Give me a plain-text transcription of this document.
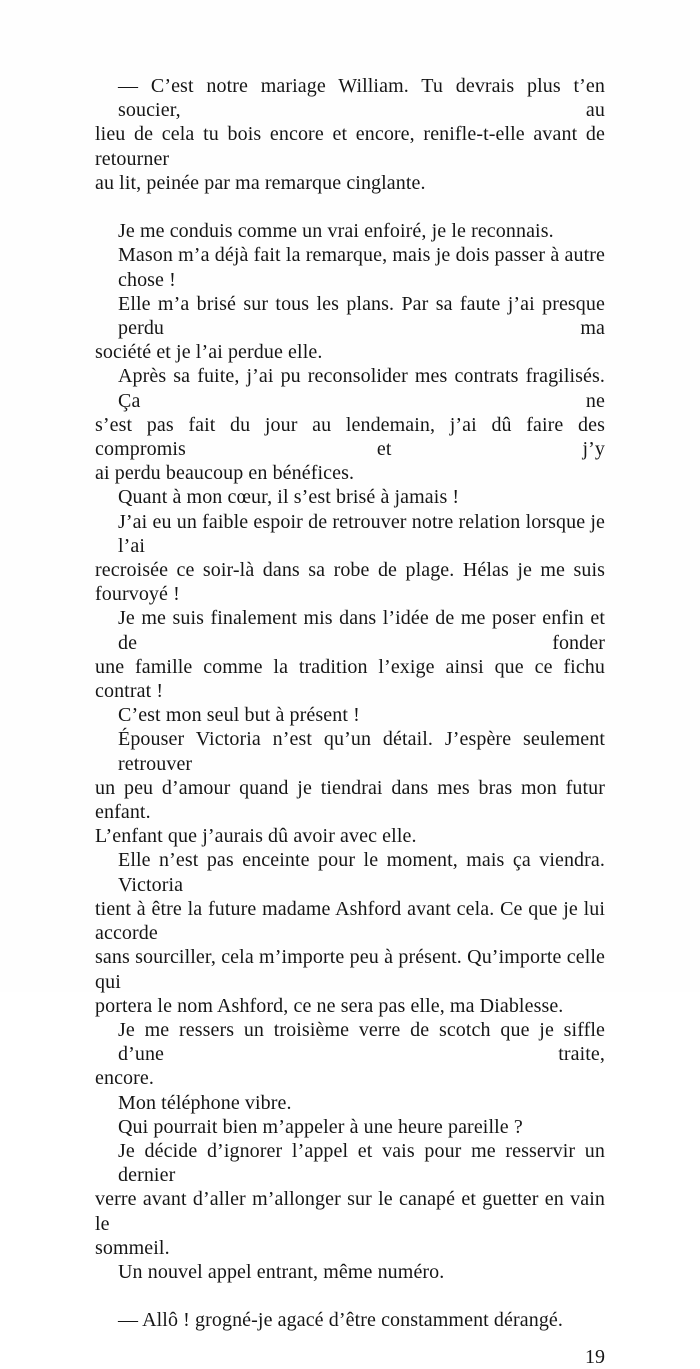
— C’est notre mariage William. Tu devrais plus t’en soucier, au
lieu de cela tu bois encore et encore, renifle-t-elle avant de retourner
au lit, peinée par ma remarque cinglante.
Je me conduis comme un vrai enfoiré, je le reconnais.
Mason m’a déjà fait la remarque, mais je dois passer à autre chose !
Elle m’a brisé sur tous les plans. Par sa faute j’ai presque perdu ma
société et je l’ai perdue elle.
Après sa fuite, j’ai pu reconsolider mes contrats fragilisés. Ça ne
s’est pas fait du jour au lendemain, j’ai dû faire des compromis et j’y
ai perdu beaucoup en bénéfices.
Quant à mon cœur, il s’est brisé à jamais !
J’ai eu un faible espoir de retrouver notre relation lorsque je l’ai
recroisée ce soir-là dans sa robe de plage. Hélas je me suis fourvoyé !
Je me suis finalement mis dans l’idée de me poser enfin et de fonder
une famille comme la tradition l’exige ainsi que ce fichu contrat !
C’est mon seul but à présent !
Épouser Victoria n’est qu’un détail. J’espère seulement retrouver
un peu d’amour quand je tiendrai dans mes bras mon futur enfant.
L’enfant que j’aurais dû avoir avec elle.
Elle n’est pas enceinte pour le moment, mais ça viendra. Victoria
tient à être la future madame Ashford avant cela. Ce que je lui accorde
sans sourciller, cela m’importe peu à présent. Qu’importe celle qui
portera le nom Ashford, ce ne sera pas elle, ma Diablesse.
Je me ressers un troisième verre de scotch que je siffle d’une traite,
encore.
Mon téléphone vibre.
Qui pourrait bien m’appeler à une heure pareille ?
Je décide d’ignorer l’appel et vais pour me resservir un dernier
verre avant d’aller m’allonger sur le canapé et guetter en vain le
sommeil.
Un nouvel appel entrant, même numéro.
— Allô ! grogné-je agacé d’être constamment dérangé.
19
